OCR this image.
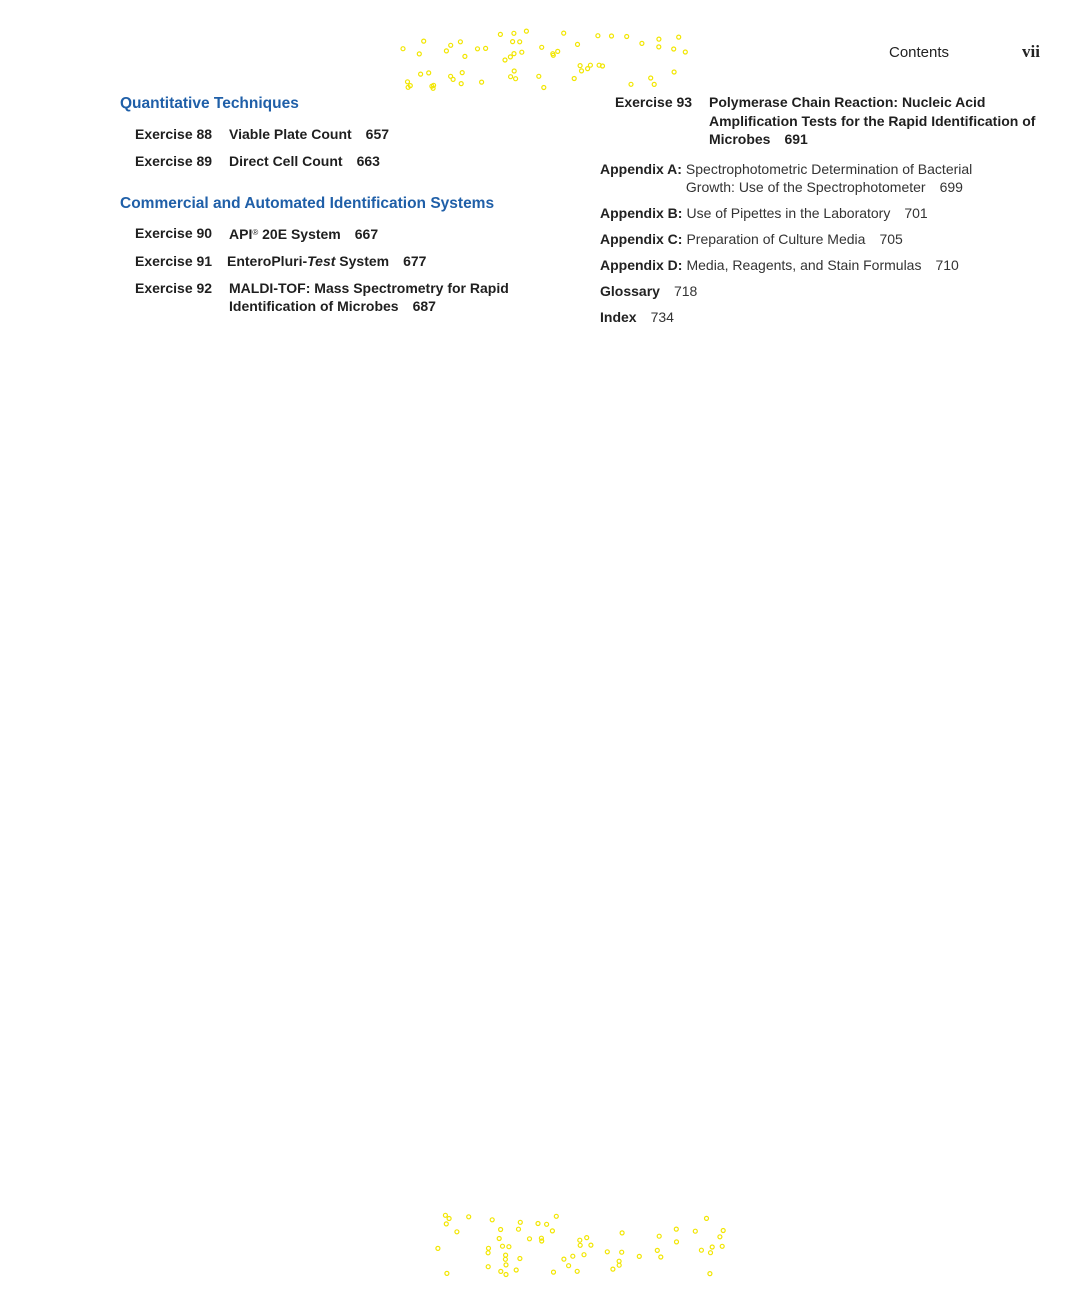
Contents	vii
Quantitative Techniques
Exercise 88	Viable Plate Count 657
Exercise 89	Direct Cell Count 663
Commercial and Automated Identification Systems
Exercise 90	API® 20E System 667
Exercise 91	EnteroPluri-Test System 677
Exercise 92	MALDI-TOF: Mass Spectrometry for Rapid Identification of Microbes 687
Exercise 93	Polymerase Chain Reaction: Nucleic Acid Amplification Tests for the Rapid Identification of Microbes 691
Appendix A: Spectrophotometric Determination of Bacterial Growth: Use of the Spectrophotometer 699
Appendix B: Use of Pipettes in the Laboratory 701
Appendix C: Preparation of Culture Media 705
Appendix D: Media, Reagents, and Stain Formulas 710
Glossary	718
Index	734
